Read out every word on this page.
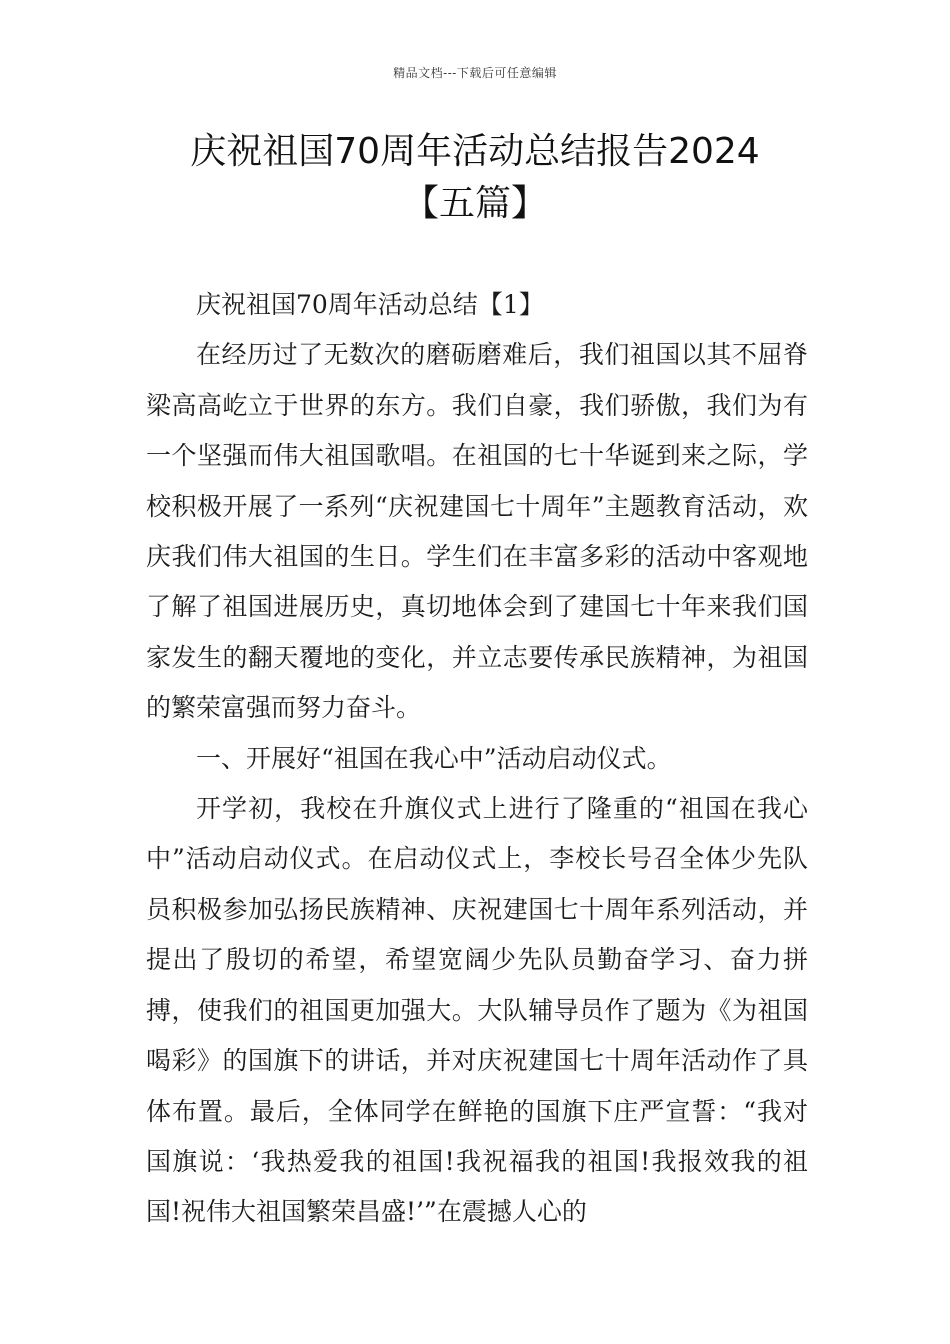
精品文档---下载后可任意编辑
庆祝祖国70周年活动总结报告2024
【五篇】

庆祝祖国70周年活动总结【1】

在经历过了无数次的磨砺磨难后，我们祖国以其不屈脊梁高高屹立于世界的东方。我们自豪，我们骄傲，我们为有一个坚强而伟大祖国歌唱。在祖国的七十华诞到来之际，学校积极开展了一系列“庆祝建国七十周年”主题教育活动，欢庆我们伟大祖国的生日。学生们在丰富多彩的活动中客观地了解了祖国进展历史，真切地体会到了建国七十年来我们国家发生的翻天覆地的变化，并立志要传承民族精神，为祖国的繁荣富强而努力奋斗。

一、开展好“祖国在我心中”活动启动仪式。

开学初，我校在升旗仪式上进行了隆重的“祖国在我心中”活动启动仪式。在启动仪式上，李校长号召全体少先队员积极参加弘扬民族精神、庆祝建国七十周年系列活动，并提出了殷切的希望，希望宽阔少先队员勤奋学习、奋力拼搏，使我们的祖国更加强大。大队辅导员作了题为《为祖国喝彩》的国旗下的讲话，并对庆祝建国七十周年活动作了具体布置。最后，全体同学在鲜艳的国旗下庄严宣誓：“我对国旗说：‘我热爱我的祖国!我祝福我的祖国!我报效我的祖国!祝伟大祖国繁荣昌盛!’”在震撼人心的
